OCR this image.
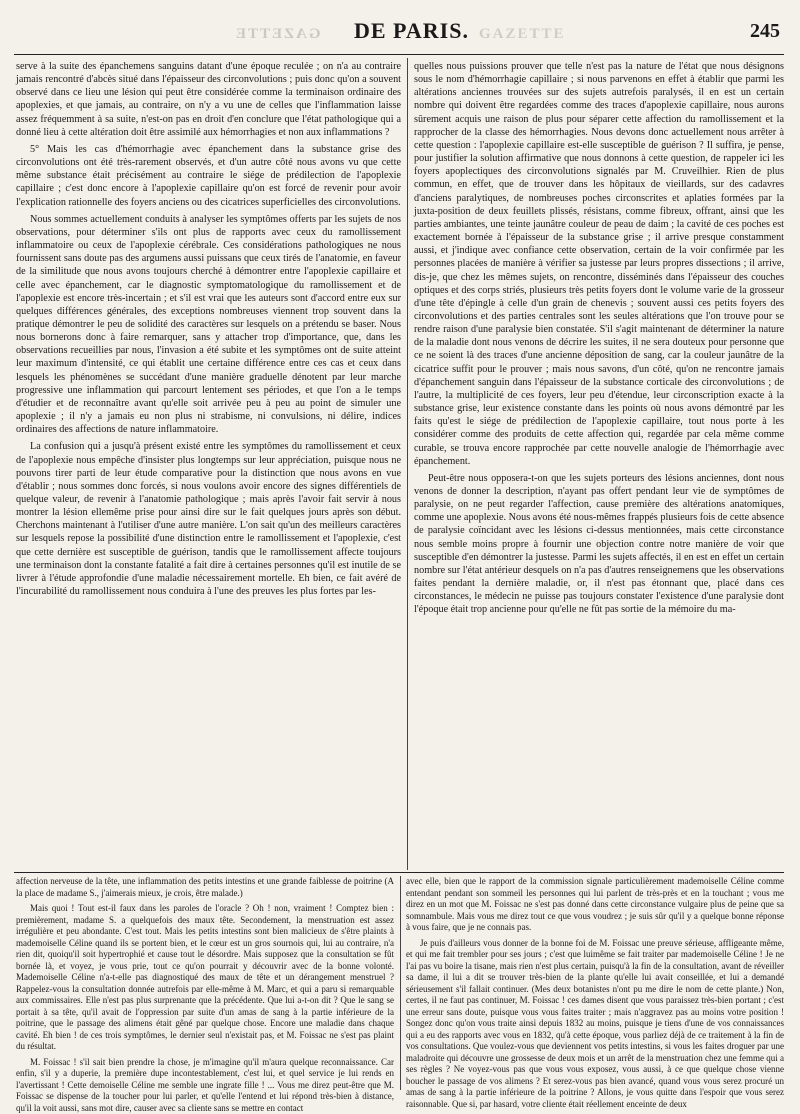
GAZETTE DE PARIS. GAZETTE	245

serve à la suite des épanchemens sanguins datant d'une époque reculée ; on n'a au contraire jamais rencontré d'abcès situé dans l'épaisseur des circonvolutions ; puis donc qu'on a souvent observé dans ce lieu une lésion qui peut être considérée comme la terminaison ordinaire des apoplexies, et que jamais, au contraire, on n'y a vu une de celles que l'inflammation laisse assez fréquemment à sa suite, n'est-on pas en droit d'en conclure que l'état pathologique qui a donné lieu à cette altération doit être assimilé aux hémorrhagies et non aux inflammations ?

5° Mais les cas d'hémorrhagie avec épanchement dans la substance grise des circonvolutions ont été très-rarement observés, et d'un autre côté nous avons vu que cette même substance était précisément au contraire le siége de prédilection de l'apoplexie capillaire ; c'est donc encore à l'apoplexie capillaire qu'on est forcé de revenir pour avoir l'explication rationnelle des foyers anciens ou des cicatrices superficielles des circonvolutions.

Nous sommes actuellement conduits à analyser les symptômes offerts par les sujets de nos observations, pour déterminer s'ils ont plus de rapports avec ceux du ramollissement inflammatoire ou ceux de l'apoplexie cérébrale. Ces considérations pathologiques ne nous fournissent sans doute pas des argumens aussi puissans que ceux tirés de l'anatomie, en faveur de la similitude que nous avons toujours cherché à démontrer entre l'apoplexie capillaire et celle avec épanchement, car le diagnostic symptomatologique du ramollissement et de l'apoplexie est encore très-incertain ; et s'il est vrai que les auteurs sont d'accord entre eux sur quelques différences générales, des exceptions nombreuses viennent trop souvent dans la pratique démontrer le peu de solidité des caractères sur lesquels on a prétendu se baser. Nous nous bornerons donc à faire remarquer, sans y attacher trop d'importance, que, dans les observations recueillies par nous, l'invasion a été subite et les symptômes ont de suite atteint leur maximum d'intensité, ce qui établit une certaine différence entre ces cas et ceux dans lesquels les phénomènes se succédant d'une manière graduelle dénotent par leur marche progressive une inflammation qui parcourt lentement ses périodes, et que l'on a le temps d'étudier et de reconnaître avant qu'elle soit arrivée peu à peu au point de simuler une apoplexie ; il n'y a jamais eu non plus ni strabisme, ni convulsions, ni délire, indices ordinaires des affections de nature inflammatoire.

La confusion qui a jusqu'à présent existé entre les symptômes du ramollissement et ceux de l'apoplexie nous empêche d'insister plus longtemps sur leur appréciation, puisque nous ne pouvons tirer parti de leur étude comparative pour la distinction que nous avons en vue d'établir ; nous sommes donc forcés, si nous voulons avoir encore des signes différentiels de quelque valeur, de revenir à l'anatomie pathologique ; mais après l'avoir fait servir à nous montrer la lésion ellemême prise pour ainsi dire sur le fait quelques jours après son début. Cherchons maintenant à l'utiliser d'une autre manière. L'on sait qu'un des meilleurs caractères sur lesquels repose la possibilité d'une distinction entre le ramollissement et l'apoplexie, c'est que cette dernière est susceptible de guérison, tandis que le ramollissement affecte toujours une terminaison dont la constante fatalité a fait dire à certaines personnes qu'il est inutile de se livrer à l'étude approfondie d'une maladie nécessairement mortelle. Eh bien, ce fait avéré de l'incurabilité du ramollissement nous conduira à l'une des preuves les plus fortes par les-

quelles nous puissions prouver que telle n'est pas la nature de l'état que nous désignons sous le nom d'hémorrhagie capillaire ; si nous parvenons en effet à établir que parmi les altérations anciennes trouvées sur des sujets autrefois paralysés, il en est un certain nombre qui doivent être regardées comme des traces d'apoplexie capillaire, nous aurons sûrement acquis une raison de plus pour séparer cette affection du ramollissement et la rapprocher de la classe des hémorrhagies. Nous devons donc actuellement nous arrêter à cette question : l'apoplexie capillaire est-elle susceptible de guérison ? Il suffira, je pense, pour justifier la solution affirmative que nous donnons à cette question, de rappeler ici les foyers apoplectiques des circonvolutions signalés par M. Cruveilhier. Rien de plus commun, en effet, que de trouver dans les hôpitaux de vieillards, sur des cadavres d'anciens paralytiques, de nombreuses poches circonscrites et aplaties formées par la juxta-position de deux feuillets plissés, résistans, comme fibreux, offrant, ainsi que les parties ambiantes, une teinte jaunâtre couleur de peau de daim ; la cavité de ces poches est exactement bornée à l'épaisseur de la substance grise ; il arrive presque constamment aussi, et j'indique avec confiance cette observation, certain de la voir confirmée par les personnes placées de manière à vérifier sa justesse par leurs propres dissections ; il arrive, dis-je, que chez les mêmes sujets, on rencontre, disséminés dans l'épaisseur des couches optiques et des corps striés, plusieurs très petits foyers dont le volume varie de la grosseur d'une tête d'épingle à celle d'un grain de chenevis ; souvent aussi ces petits foyers des circonvolutions et des parties centrales sont les seules altérations que l'on trouve pour se rendre raison d'une paralysie bien constatée. S'il s'agit maintenant de déterminer la nature de la maladie dont nous venons de décrire les suites, il ne sera douteux pour personne que ce ne soient là des traces d'une ancienne déposition de sang, car la couleur jaunâtre de la cicatrice suffit pour le prouver ; mais nous savons, d'un côté, qu'on ne rencontre jamais d'épanchement sanguin dans l'épaisseur de la substance corticale des circonvolutions ; de l'autre, la multiplicité de ces foyers, leur peu d'étendue, leur circonscription exacte à la substance grise, leur existence constante dans les points où nous avons démontré par les faits qu'est le siége de prédilection de l'apoplexie capillaire, tout nous porte à les considérer comme des produits de cette affection qui, regardée par cela même comme curable, se trouva encore rapprochée par cette nouvelle analogie de l'hémorrhagie avec épanchement.

Peut-être nous opposera-t-on que les sujets porteurs des lésions anciennes, dont nous venons de donner la description, n'ayant pas offert pendant leur vie de symptômes de paralysie, on ne peut regarder l'affection, cause première des altérations anatomiques, comme une apoplexie. Nous avons été nous-mêmes frappés plusieurs fois de cette absence de paralysie coïncidant avec les lésions ci-dessus mentionnées, mais cette circonstance nous semble moins propre à fournir une objection contre notre manière de voir que susceptible d'en démontrer la justesse. Parmi les sujets affectés, il en est en effet un certain nombre sur l'état antérieur desquels on n'a pas d'autres renseignemens que les observations faites pendant la dernière maladie, or, il n'est pas étonnant que, placé dans ces circonstances, le médecin ne puisse pas toujours constater l'existence d'une paralysie dont l'époque était trop ancienne pour qu'elle ne fût pas sortie de la mémoire du ma-

affection nerveuse de la tête, une inflammation des petits intestins et une grande faiblesse de poitrine (A la place de madame S., j'aimerais mieux, je crois, être malade.)

Mais quoi ! Tout est-il faux dans les paroles de l'oracle ? Oh ! non, vraiment ! Comptez bien : premièrement, madame S. a quelquefois des maux tête. Secondement, la menstruation est assez irrégulière et peu abondante. C'est tout. Mais les petits intestins sont bien malicieux de s'être plaints à mademoiselle Céline quand ils se portent bien, et le cœur est un gros sournois qui, lui au contraire, n'a rien dit, quoiqu'il soit hypertrophié et cause tout le désordre. Mais supposez que la consultation se fût bornée là, et voyez, je vous prie, tout ce qu'on pourrait y découvrir avec de la bonne volonté. Mademoiselle Céline n'a-t-elle pas diagnostiqué des maux de tête et un dérangement menstruel ? Rappelez-vous la consultation donnée autrefois par elle-même à M. Marc, et qui a paru si remarquable aux commissaires. Elle n'est pas plus surprenante que la précédente. Que lui a-t-on dit ? Que le sang se portait à sa tête, qu'il avait de l'oppression par suite d'un amas de sang à la partie inférieure de la poitrine, que le passage des alimens était gêné par quelque chose. Encore une maladie dans chaque cavité. Eh bien ! de ces trois symptômes, le dernier seul n'existait pas, et M. Foissac ne s'est pas plaint du résultat.

M. Foissac ! s'il sait bien prendre la chose, je m'imagine qu'il m'aura quelque reconnaissance. Car enfin, s'il y a duperie, la première dupe incontestablement, c'est lui, et quel service je lui rends en l'avertissant ! Cette demoiselle Céline me semble une ingrate fille ! ... Vous me direz peut-être que M. Foissac se dispense de la toucher pour lui parler, et qu'elle l'entend et lui répond très-bien à distance, qu'il la voit aussi, sans mot dire, causer avec sa cliente sans se mettre en contact

avec elle, bien que le rapport de la commission signale particulièrement mademoiselle Céline comme entendant pendant son sommeil les personnes qui lui parlent de très-près et en la touchant ; vous me direz en un mot que M. Foissac ne s'est pas donné dans cette circonstance vulgaire plus de peine que sa somnambule. Mais vous me direz tout ce que vous voudrez ; je suis sûr qu'il y a quelque bonne réponse à vous faire, que je ne connais pas.

Je puis d'ailleurs vous donner de la bonne foi de M. Foissac une preuve sérieuse, affligeante même, et qui me fait trembler pour ses jours ; c'est que luimême se fait traiter par mademoiselle Céline ! Je ne l'ai pas vu boire la tisane, mais rien n'est plus certain, puisqu'à la fin de la consultation, avant de réveiller sa dame, il lui a dit se trouver très-bien de la plante qu'elle lui avait conseillée, et lui a demandé sérieusement s'il fallait continuer. (Mes deux botanistes n'ont pu me dire le nom de cette plante.) Non, certes, il ne faut pas continuer, M. Foissac ! ces dames disent que vous paraissez très-bien portant ; c'est une erreur sans doute, puisque vous vous faites traiter ; mais n'aggravez pas au moins votre position ! Songez donc qu'on vous traite ainsi depuis 1832 au moins, puisque je tiens d'une de vos connaissances qui a eu des rapports avec vous en 1832, qu'à cette époque, vous parliez déjà de ce traitement à la fin de vos consultations. Que voulez-vous que deviennent vos petits intestins, si vous les faites droguer par une maladroite qui découvre une grossesse de deux mois et un arrêt de la menstruation chez une femme qui a ses règles ? Ne voyez-vous pas que vous vous exposez, vous aussi, à ce que quelque chose vienne boucher le passage de vos alimens ? Et serez-vous pas bien avancé, quand vous vous serez procuré un amas de sang à la partie inférieure de la poitrine ? Allons, je vous quitte dans l'espoir que vous serez raisonnable. Que si, par hasard, votre cliente était réellement enceinte de deux
